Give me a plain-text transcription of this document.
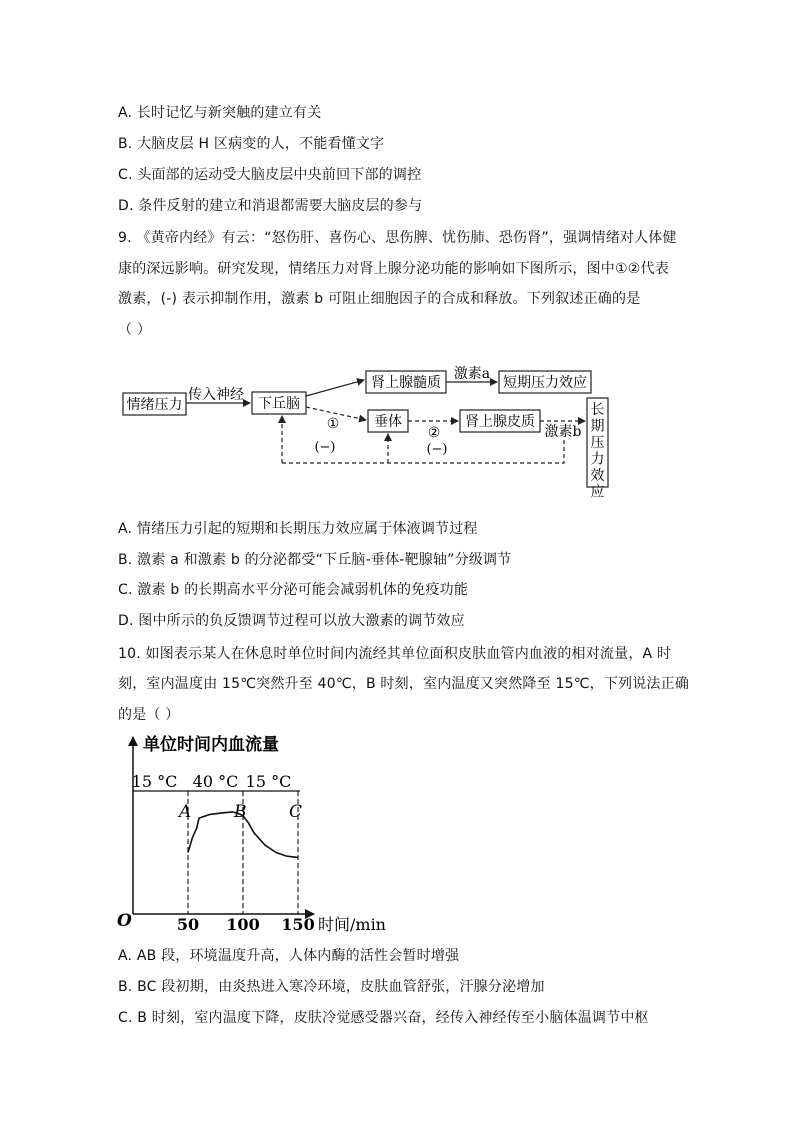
A. 长时记忆与新突触的建立有关
B. 大脑皮层 H 区病变的人，不能看懂文字
C. 头面部的运动受大脑皮层中央前回下部的调控
D. 条件反射的建立和消退都需要大脑皮层的参与
9. 《黄帝内经》有云：“怒伤肝、喜伤心、思伤脾、忧伤肺、恐伤肾”，强调情绪对人体健
康的深远影响。研究发现，情绪压力对肾上腺分泌功能的影响如下图所示，图中①②代表
激素，(-) 表示抑制作用，激素 b 可阻止细胞因子的合成和释放。下列叙述正确的是
（ ）
情绪压力
传入神经
下丘脑
肾上腺髓质
激素a
短期压力效应
①
(−)
垂体
②
(−)
肾上腺皮质
激素b
长期压力效应
A. 情绪压力引起的短期和长期压力效应属于体液调节过程
B. 激素 a 和激素 b 的分泌都受“下丘脑-垂体-靶腺轴”分级调节
C. 激素 b 的长期高水平分泌可能会减弱机体的免疫功能
D. 图中所示的负反馈调节过程可以放大激素的调节效应
10. 如图表示某人在休息时单位时间内流经其单位面积皮肤血管内血液的相对流量，A 时
刻，室内温度由 15℃突然升至 40℃，B 时刻，室内温度又突然降至 15℃，下列说法正确
的是（ ）
单位时间内血流量
时间/min
O
A	B	C
50 100 150
15 °C 40 °C 15 °C
A. AB 段，环境温度升高，人体内酶的活性会暂时增强
B. BC 段初期，由炎热进入寒冷环境，皮肤血管舒张，汗腺分泌增加
C. B 时刻，室内温度下降，皮肤冷觉感受器兴奋，经传入神经传至小脑体温调节中枢
